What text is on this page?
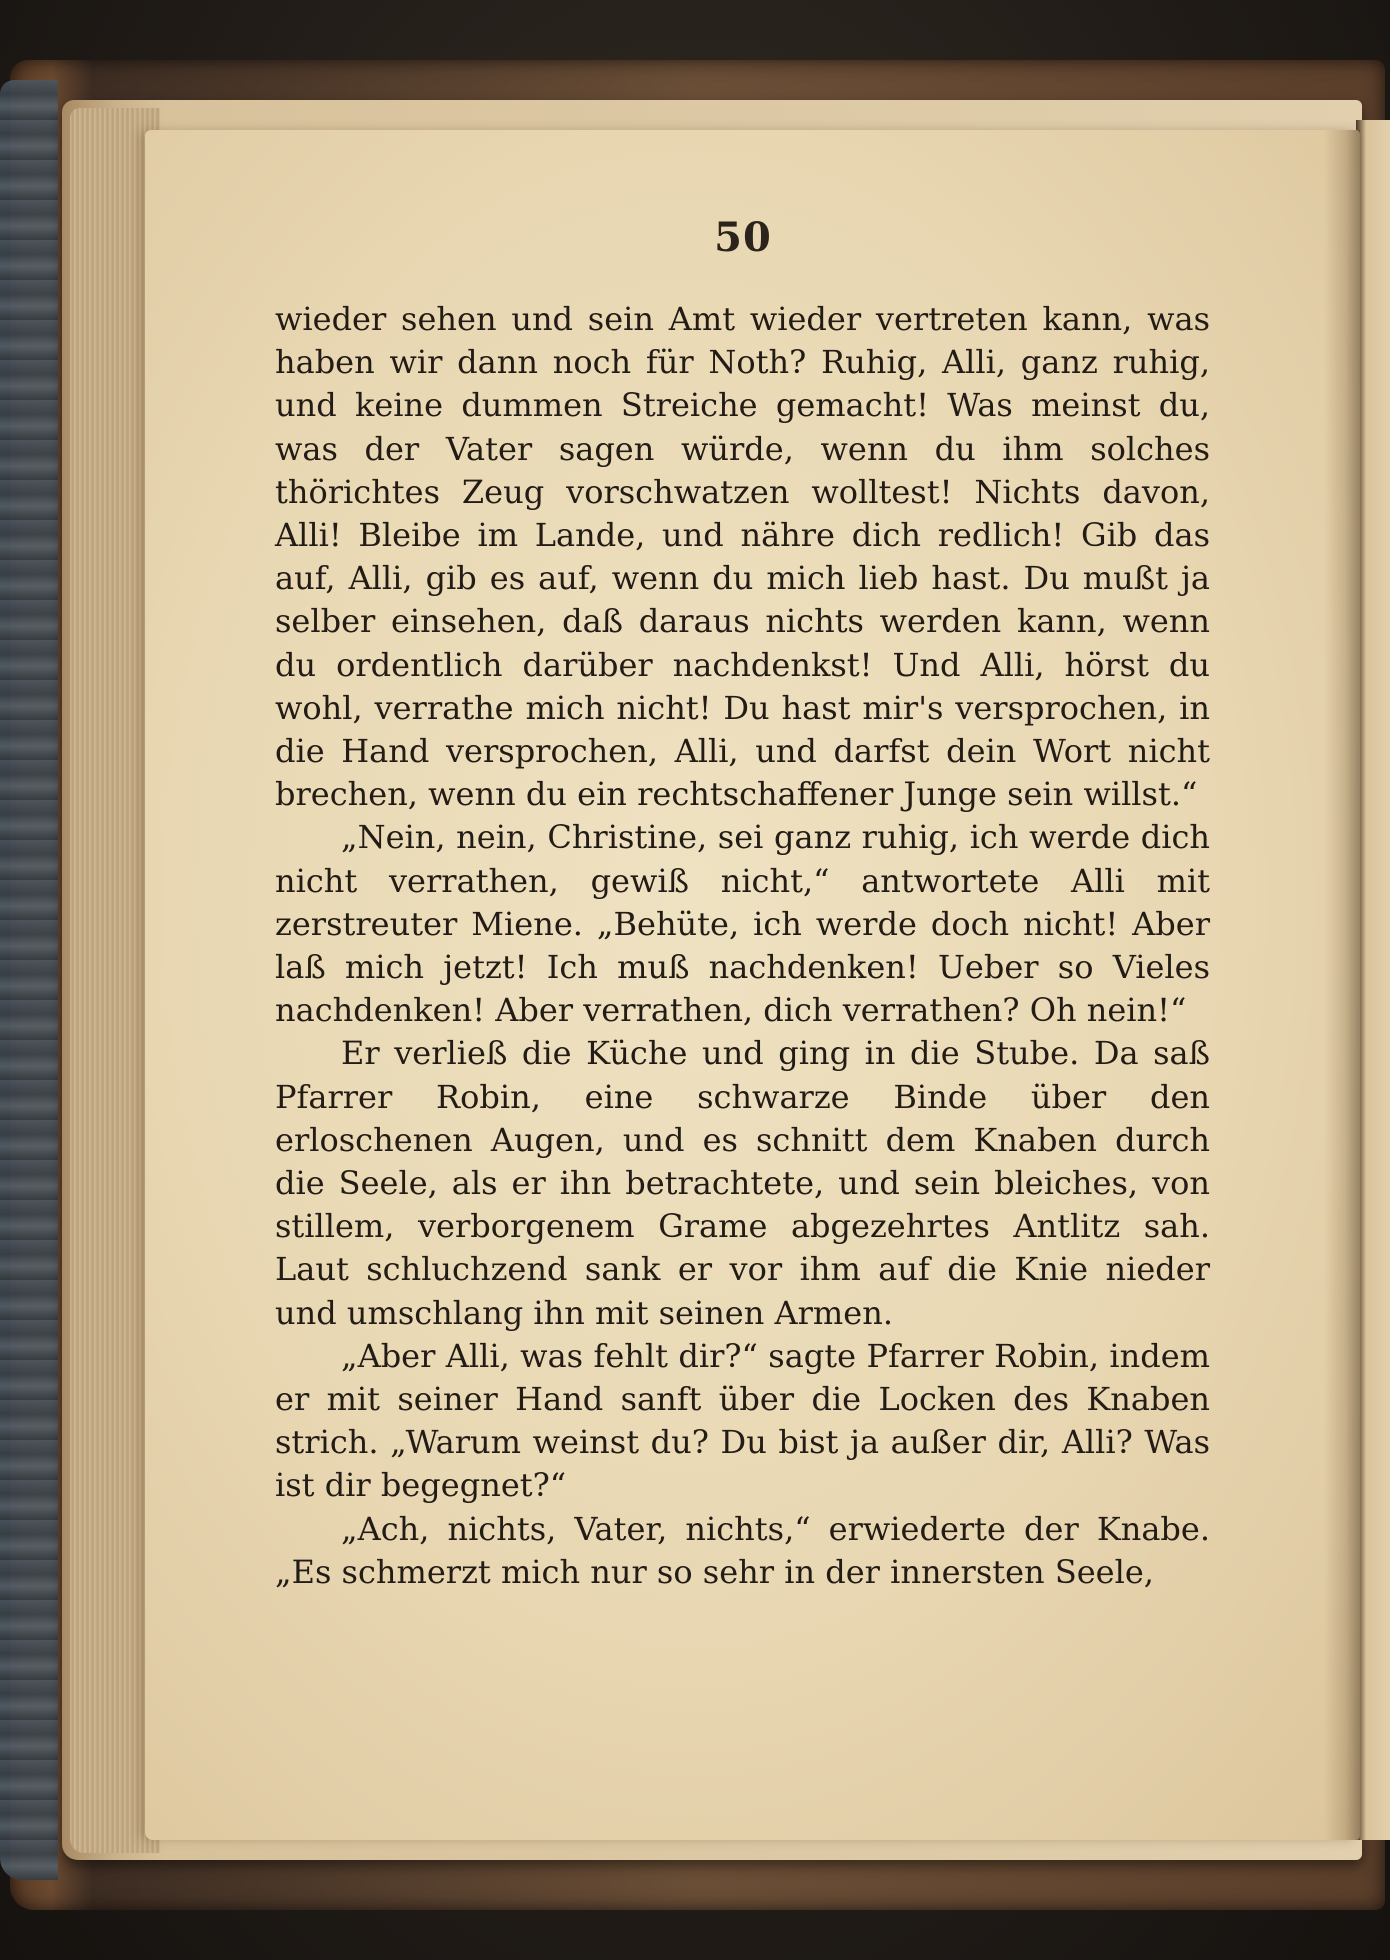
50

wieder sehen und sein Amt wieder vertreten kann, was haben wir dann noch für Noth? Ruhig, Alli, ganz ruhig, und keine dummen Streiche gemacht! Was meinst du, was der Vater sagen würde, wenn du ihm solches thörichtes Zeug vorschwatzen wolltest! Nichts davon, Alli! Bleibe im Lande, und nähre dich redlich! Gib das auf, Alli, gib es auf, wenn du mich lieb hast. Du mußt ja selber einsehen, daß daraus nichts werden kann, wenn du ordentlich darüber nachdenkst! Und Alli, hörst du wohl, verrathe mich nicht! Du hast mir's versprochen, in die Hand versprochen, Alli, und darfst dein Wort nicht brechen, wenn du ein rechtschaffener Junge sein willst.“

„Nein, nein, Christine, sei ganz ruhig, ich werde dich nicht verrathen, gewiß nicht,“ antwortete Alli mit zerstreuter Miene. „Behüte, ich werde doch nicht! Aber laß mich jetzt! Ich muß nachdenken! Ueber so Vieles nachdenken! Aber verrathen, dich verrathen? Oh nein!“

Er verließ die Küche und ging in die Stube. Da saß Pfarrer Robin, eine schwarze Binde über den erloschenen Augen, und es schnitt dem Knaben durch die Seele, als er ihn betrachtete, und sein bleiches, von stillem, verborgenem Grame abgezehrtes Antlitz sah. Laut schluchzend sank er vor ihm auf die Knie nieder und umschlang ihn mit seinen Armen.

„Aber Alli, was fehlt dir?“ sagte Pfarrer Robin, indem er mit seiner Hand sanft über die Locken des Knaben strich. „Warum weinst du? Du bist ja außer dir, Alli? Was ist dir begegnet?“

„Ach, nichts, Vater, nichts,“ erwiederte der Knabe. „Es schmerzt mich nur so sehr in der innersten Seele,
